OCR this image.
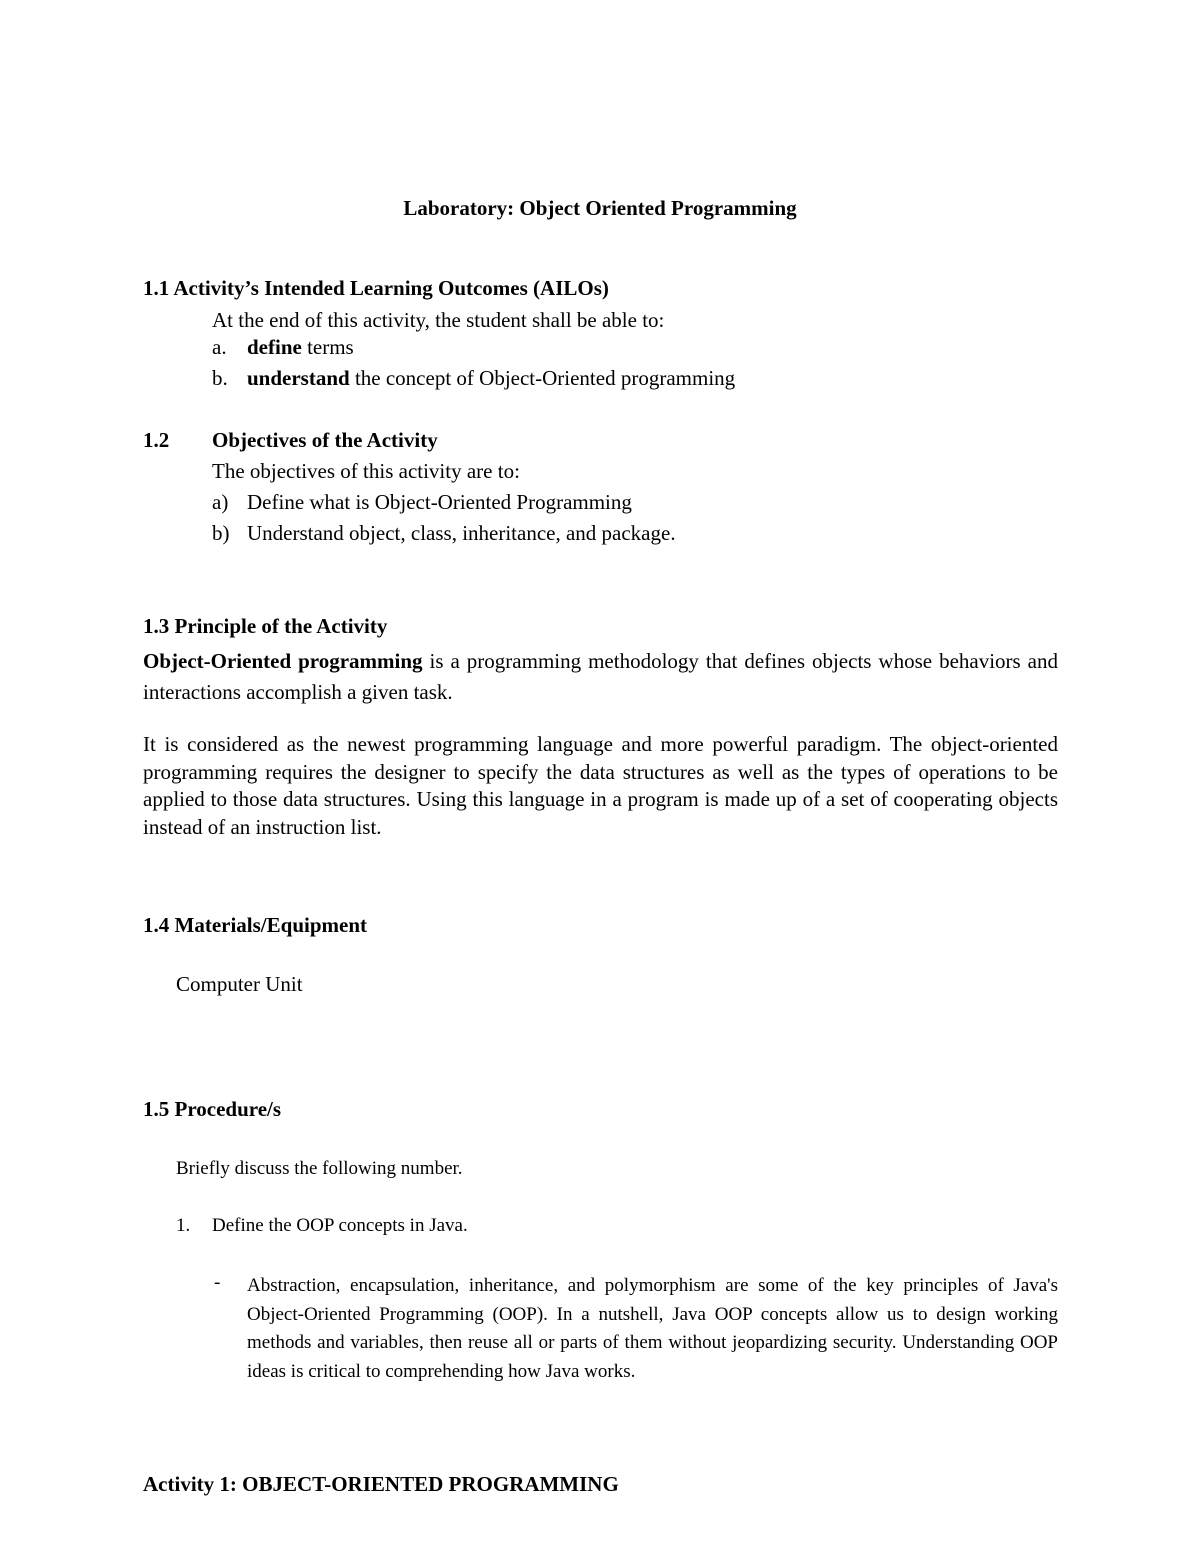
Laboratory: Object Oriented Programming
1.1 Activity’s Intended Learning Outcomes (AILOs)
At the end of this activity, the student shall be able to:
a. define terms
b. understand the concept of Object-Oriented programming
1.2 Objectives of the Activity
The objectives of this activity are to:
a) Define what is Object-Oriented Programming
b) Understand object, class, inheritance, and package.
1.3 Principle of the Activity
Object-Oriented programming is a programming methodology that defines objects whose behaviors and interactions accomplish a given task.
It is considered as the newest programming language and more powerful paradigm. The object-oriented programming requires the designer to specify the data structures as well as the types of operations to be applied to those data structures. Using this language in a program is made up of a set of cooperating objects instead of an instruction list.
1.4 Materials/Equipment
Computer Unit
1.5 Procedure/s
Briefly discuss the following number.
1. Define the OOP concepts in Java.
- Abstraction, encapsulation, inheritance, and polymorphism are some of the key principles of Java's Object-Oriented Programming (OOP). In a nutshell, Java OOP concepts allow us to design working methods and variables, then reuse all or parts of them without jeopardizing security. Understanding OOP ideas is critical to comprehending how Java works.
Activity 1: OBJECT-ORIENTED PROGRAMMING
